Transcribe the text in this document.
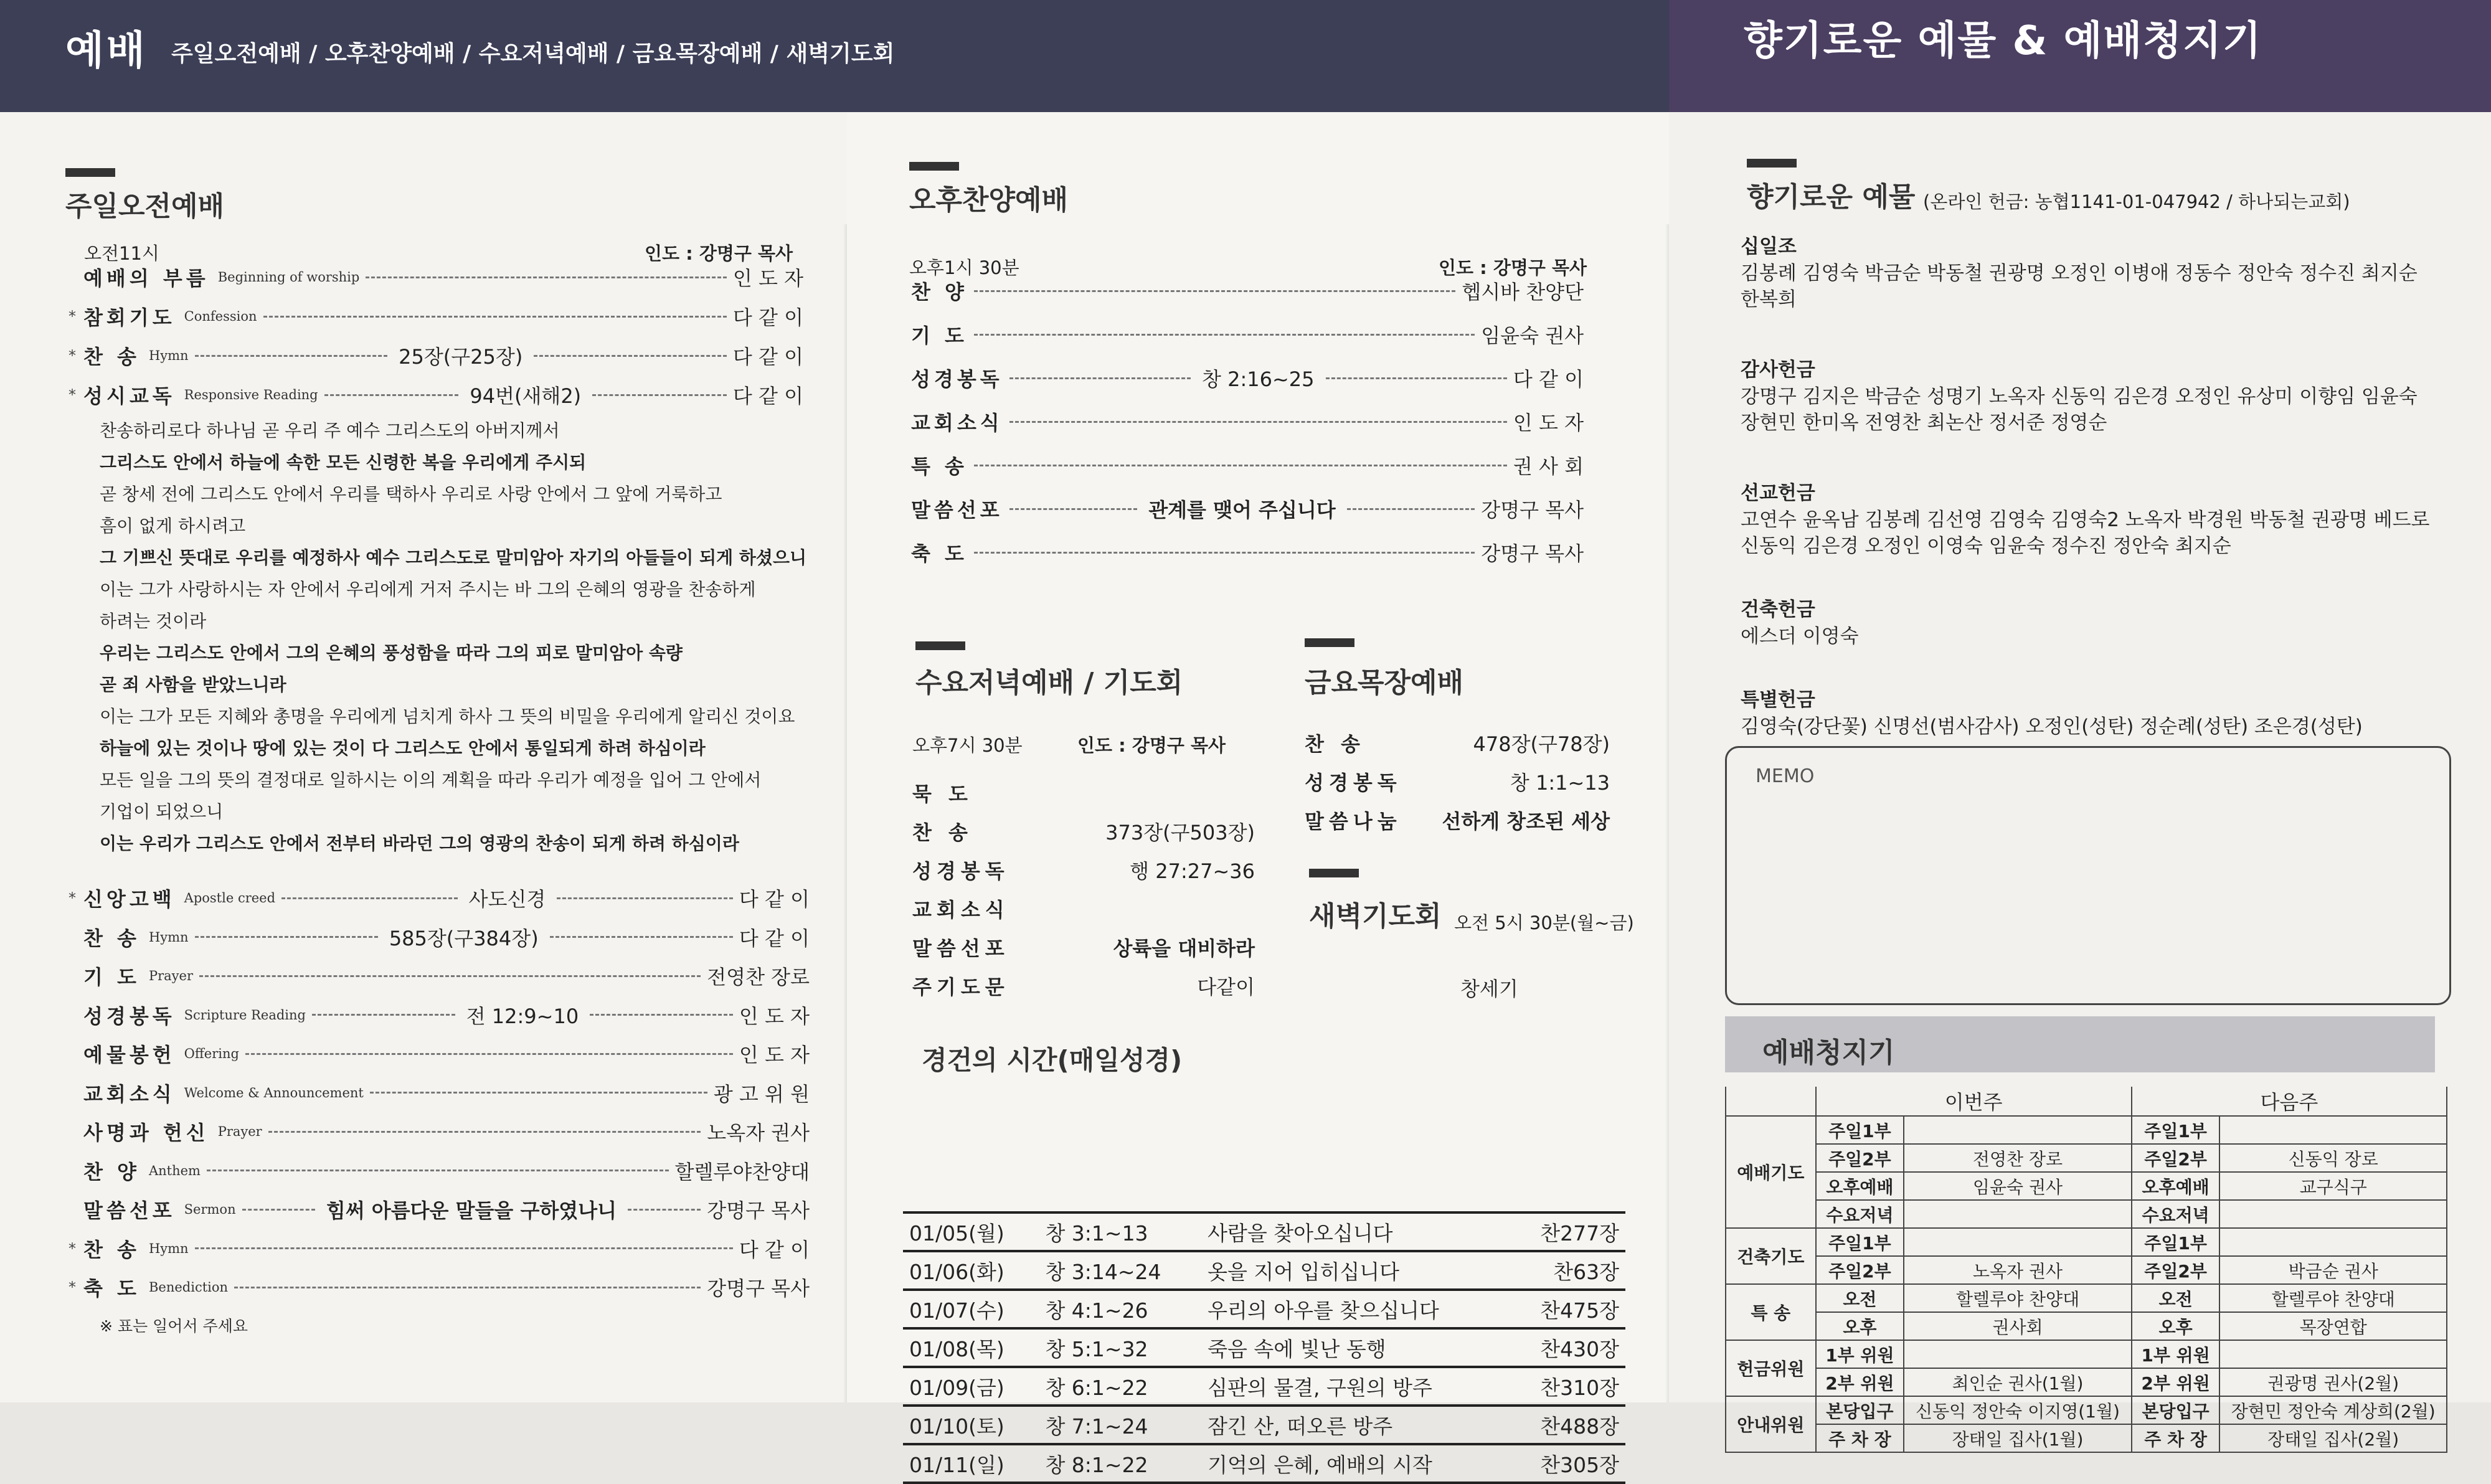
예배 주일오전예배 / 오후찬양예배 / 수요저녁예배 / 금요목장예배 / 새벽기도회	향기로운 예물 & 예배청지기
주일오전예배
오전11시	인도 : 강명구 목사
예배의 부름 Beginning of worship	인 도 자
* 참회기도 Confession	다 같 이
* 찬 송 Hymn	25장(구25장)	다 같 이
* 성시교독 Responsive Reading	94번(새해2)	다 같 이
찬송하리로다 하나님 곧 우리 주 예수 그리스도의 아버지께서
그리스도 안에서 하늘에 속한 모든 신령한 복을 우리에게 주시되
곧 창세 전에 그리스도 안에서 우리를 택하사 우리로 사랑 안에서 그 앞에 거룩하고
흠이 없게 하시려고
그 기쁘신 뜻대로 우리를 예정하사 예수 그리스도로 말미암아 자기의 아들들이 되게 하셨으니
이는 그가 사랑하시는 자 안에서 우리에게 거저 주시는 바 그의 은혜의 영광을 찬송하게
하려는 것이라
우리는 그리스도 안에서 그의 은혜의 풍성함을 따라 그의 피로 말미암아 속량
곧 죄 사함을 받았느니라
이는 그가 모든 지혜와 총명을 우리에게 넘치게 하사 그 뜻의 비밀을 우리에게 알리신 것이요
하늘에 있는 것이나 땅에 있는 것이 다 그리스도 안에서 통일되게 하려 하심이라
모든 일을 그의 뜻의 결정대로 일하시는 이의 계획을 따라 우리가 예정을 입어 그 안에서
기업이 되었으니
이는 우리가 그리스도 안에서 전부터 바라던 그의 영광의 찬송이 되게 하려 하심이라
* 신앙고백 Apostle creed	사도신경	다 같 이
찬 송 Hymn	585장(구384장)	다 같 이
기 도 Prayer	전영찬 장로
성경봉독 Scripture Reading	전 12:9~10	인 도 자
예물봉헌 Offering	인 도 자
교회소식 Welcome & Announcement	광 고 위 원
사명과 헌신 Prayer	노옥자 권사
찬 양 Anthem	할렐루야찬양대
말씀선포 Sermon	힘써 아름다운 말들을 구하였나니	강명구 목사
* 찬 송 Hymn	다 같 이
* 축 도 Benediction	강명구 목사
※ 표는 일어서 주세요
오후찬양예배
오후1시 30분	인도 : 강명구 목사
찬 양	헵시바 찬양단
기 도	임윤숙 권사
성경봉독	창 2:16~25	다 같 이
교회소식	인 도 자
특 송	권 사 회
말씀선포	관계를 맺어 주십니다	강명구 목사
축 도	강명구 목사
수요저녁예배 / 기도회
오후7시 30분	인도 : 강명구 목사
묵 도
찬 송	373장(구503장)
성경봉독	행 27:27~36
교회소식
말씀선포	상륙을 대비하라
주기도문	다같이
금요목장예배
찬 송	478장(구78장)
성경봉독	창 1:1~13
말씀나눔 선하게 창조된 세상
새벽기도회 오전 5시 30분(월~금)
창세기
경건의 시간(매일성경)
01/05(월)	창 3:1~13	사람을 찾아오십니다	찬277장
01/06(화)	창 3:14~24	옷을 지어 입히십니다	찬63장
01/07(수)	창 4:1~26	우리의 아우를 찾으십니다	찬475장
01/08(목)	창 5:1~32	죽음 속에 빛난 동행	찬430장
01/09(금)	창 6:1~22	심판의 물결, 구원의 방주	찬310장
01/10(토)	창 7:1~24	잠긴 산, 떠오른 방주	찬488장
01/11(일)	창 8:1~22	기억의 은혜, 예배의 시작	찬305장
향기로운 예물 (온라인 헌금: 농협1141-01-047942 / 하나되는교회)
십일조
김봉례 김영숙 박금순 박동철 권광명 오정인 이병애 정동수 정안숙 정수진 최지순
한복희
감사헌금
강명구 김지은 박금순 성명기 노옥자 신동익 김은경 오정인 유상미 이향임 임윤숙
장현민 한미옥 전영찬 최논산 정서준 정영순
선교헌금
고연수 윤옥남 김봉례 김선영 김영숙 김영숙2 노옥자 박경원 박동철 권광명 베드로
신동익 김은경 오정인 이영숙 임윤숙 정수진 정안숙 최지순
건축헌금
에스더 이영숙
특별헌금
김영숙(강단꽃) 신명선(범사감사) 오정인(성탄) 정순례(성탄) 조은경(성탄)
MEMO
예배청지기
	이번주		다음주	
예배기도	주일1부		주일1부	
	주일2부	전영찬 장로	주일2부	신동익 장로
	오후예배	임윤숙 권사	오후예배	교구식구
	수요저녁		수요저녁	
건축기도	주일1부		주일1부	
	주일2부	노옥자 권사	주일2부	박금순 권사
특 송	오전	할렐루야 찬양대	오전	할렐루야 찬양대
	오후	권사회	오후	목장연합
헌금위원	1부 위원		1부 위원	
	2부 위원	최인순 권사(1월)	2부 위원	권광명 권사(2월)
안내위원	본당입구	신동익 정안숙 이지영(1월)	본당입구	장현민 정안숙 계상희(2월)
	주 차 장	장태일 집사(1월)	주 차 장	장태일 집사(2월)
